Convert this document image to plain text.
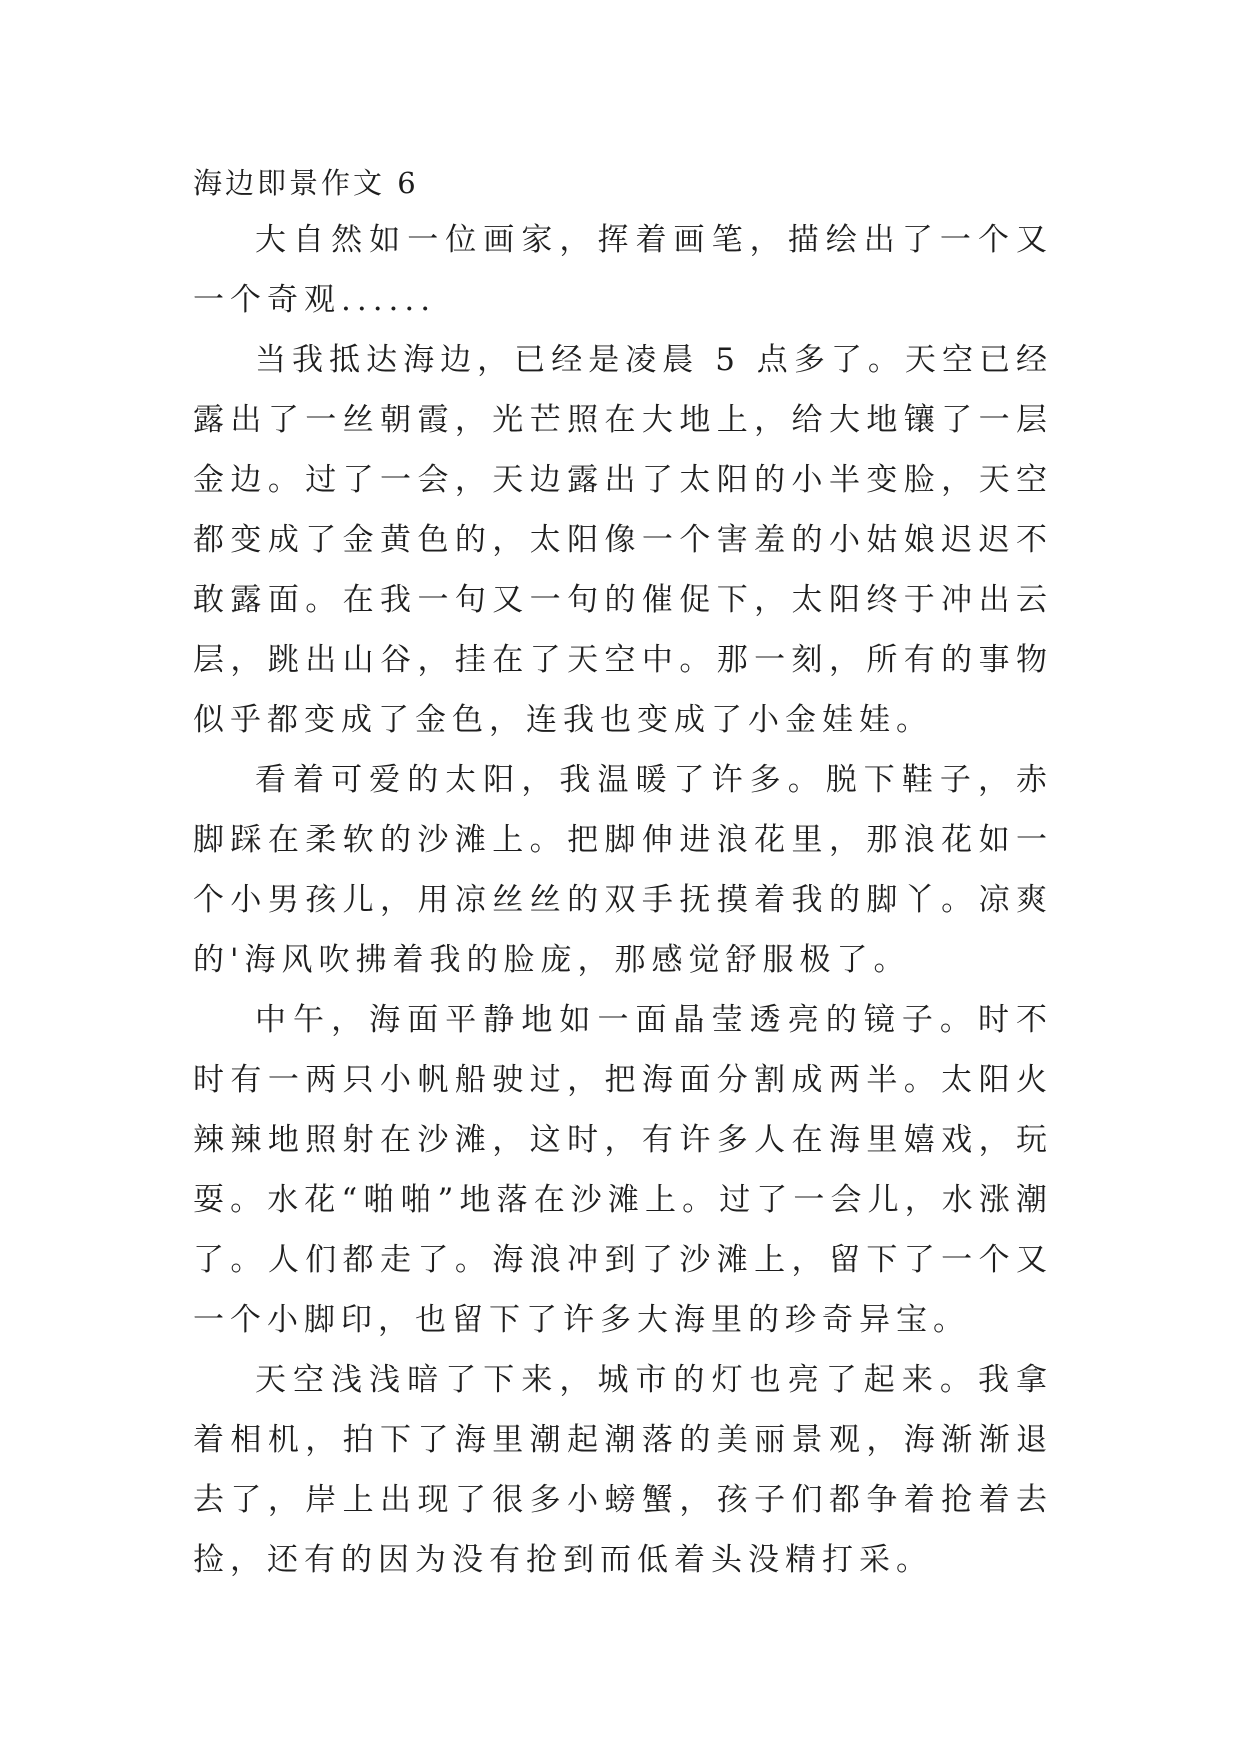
海边即景作文 6

大自然如一位画家，挥着画笔，描绘出了一个又一个奇观......

当我抵达海边，已经是凌晨 5 点多了。天空已经露出了一丝朝霞，光芒照在大地上，给大地镶了一层金边。过了一会，天边露出了太阳的小半变脸，天空都变成了金黄色的，太阳像一个害羞的小姑娘迟迟不敢露面。在我一句又一句的催促下，太阳终于冲出云层，跳出山谷，挂在了天空中。那一刻，所有的事物似乎都变成了金色，连我也变成了小金娃娃。

看着可爱的太阳，我温暖了许多。脱下鞋子，赤脚踩在柔软的沙滩上。把脚伸进浪花里，那浪花如一个小男孩儿，用凉丝丝的双手抚摸着我的脚丫。凉爽的'海风吹拂着我的脸庞，那感觉舒服极了。

中午，海面平静地如一面晶莹透亮的镜子。时不时有一两只小帆船驶过，把海面分割成两半。太阳火辣辣地照射在沙滩，这时，有许多人在海里嬉戏，玩耍。水花“啪啪”地落在沙滩上。过了一会儿，水涨潮了。人们都走了。海浪冲到了沙滩上，留下了一个又一个小脚印，也留下了许多大海里的珍奇异宝。

天空浅浅暗了下来，城市的灯也亮了起来。我拿着相机，拍下了海里潮起潮落的美丽景观，海渐渐退去了，岸上出现了很多小螃蟹，孩子们都争着抢着去捡，还有的因为没有抢到而低着头没精打采。
